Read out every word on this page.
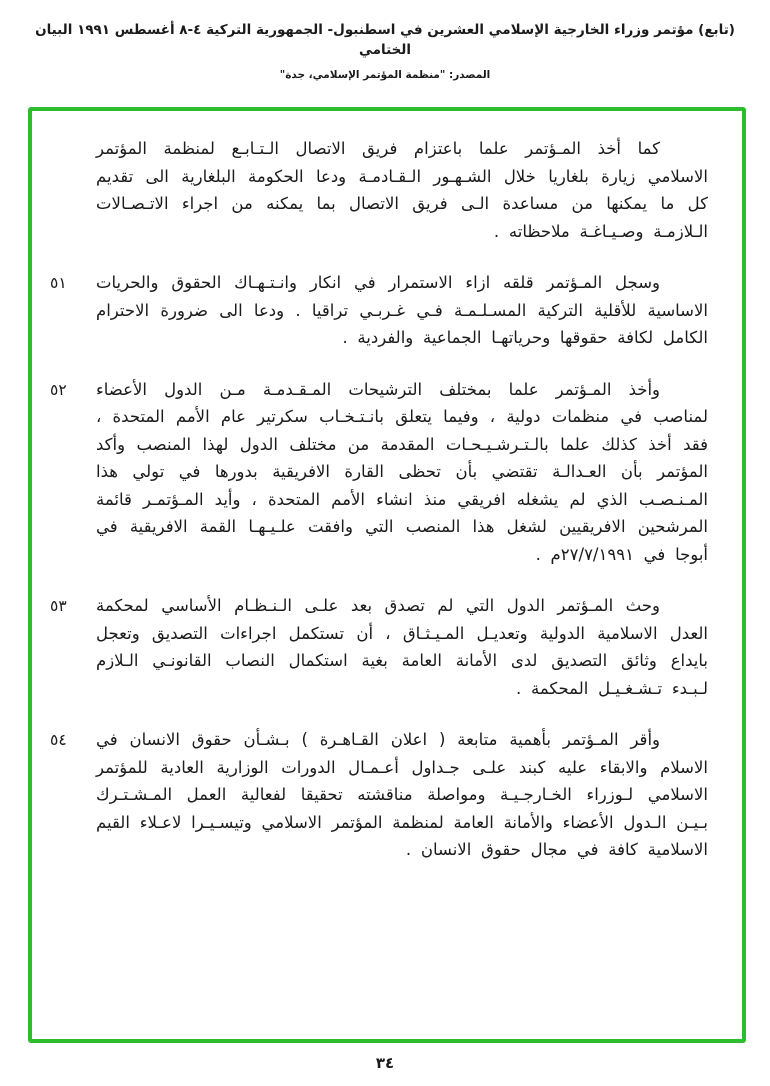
(تابع) مؤتمر وزراء الخارجية الإسلامي العشرين في اسطنبول- الجمهورية التركية ٤-٨ أغسطس ١٩٩١ البيان الختامي
المصدر: "منظمة المؤتمر الإسلامي، جدة"

كما أخذ المـؤتمر علما باعتزام فريق الاتصال الـتـابـع لمنظمة المؤتمر الاسلامي زيارة بلغاريا خلال الشـهـور الـقـادمـة ودعا الحكومة البلغارية الى تقديم كل ما يمكنها من مساعدة الـى فريق الاتصال بما يمكنه من اجراء الاتـصـالات الـلازمـة وصـيـاغـة ملاحظاته .

٥١ وسجل المـؤتمر قلقه ازاء الاستمرار في انكار وانـتـهـاك الحقوق والحريات الاساسية للأقلية التركية المسـلـمـة فـي غـربـي تراقيا . ودعا الى ضرورة الاحترام الكامل لكافة حقوقها وحرياتهـا الجماعية والفردية .

٥٢ وأخذ المـؤتمر علما بمختلف الترشيحات المـقـدمـة مـن الدول الأعضاء لمناصب في منظمات دولية ، وفيما يتعلق بانـتـخـاب سكرتير عام الأمم المتحدة ، فقد أخذ كذلك علما بالـتـرشـيـحـات المقدمة من مختلف الدول لهذا المنصب وأكد المؤتمر بأن العـدالـة تقتضي بأن تحظى القارة الافريقية بدورها في تولي هذا المـنـصـب الذي لم يشغله افريقي منذ انشاء الأمم المتحدة ، وأيد المـؤتمـر قائمة المرشحين الافريقيين لشغل هذا المنصب التي وافقت علـيـهـا القمة الافريقية في أبوجا في ٢٧/٧/١٩٩١م .

٥٣ وحث المـؤتمر الدول التي لم تصدق بعد علـى الـنـظـام الأساسي لمحكمة العدل الاسلامية الدولية وتعديـل المـيـثـاق ، أن تستكمل اجراءات التصديق وتعجل بايداع وثائق التصديق لدى الأمانة العامة بغية استكمال النصاب القانونـي الـلازم لـبـدء تـشـغـيـل المحكمة .

٥٤ وأقر المـؤتمر بأهمية متابعة ( اعلان القـاهـرة ) بـشـأن حقوق الانسان في الاسلام والابقاء عليه كبند علـى جـداول أعـمـال الدورات الوزارية العادية للمؤتمر الاسلامي لـوزراء الخـارجـيـة ومواصلة مناقشته تحقيقا لفعالية العمل المـشـتـرك بـيـن الـدول الأعضاء والأمانة العامة لمنظمة المؤتمر الاسلامي وتيسـيـرا لاعـلاء القيم الاسلامية كافة في مجال حقوق الانسان .

٣٤
